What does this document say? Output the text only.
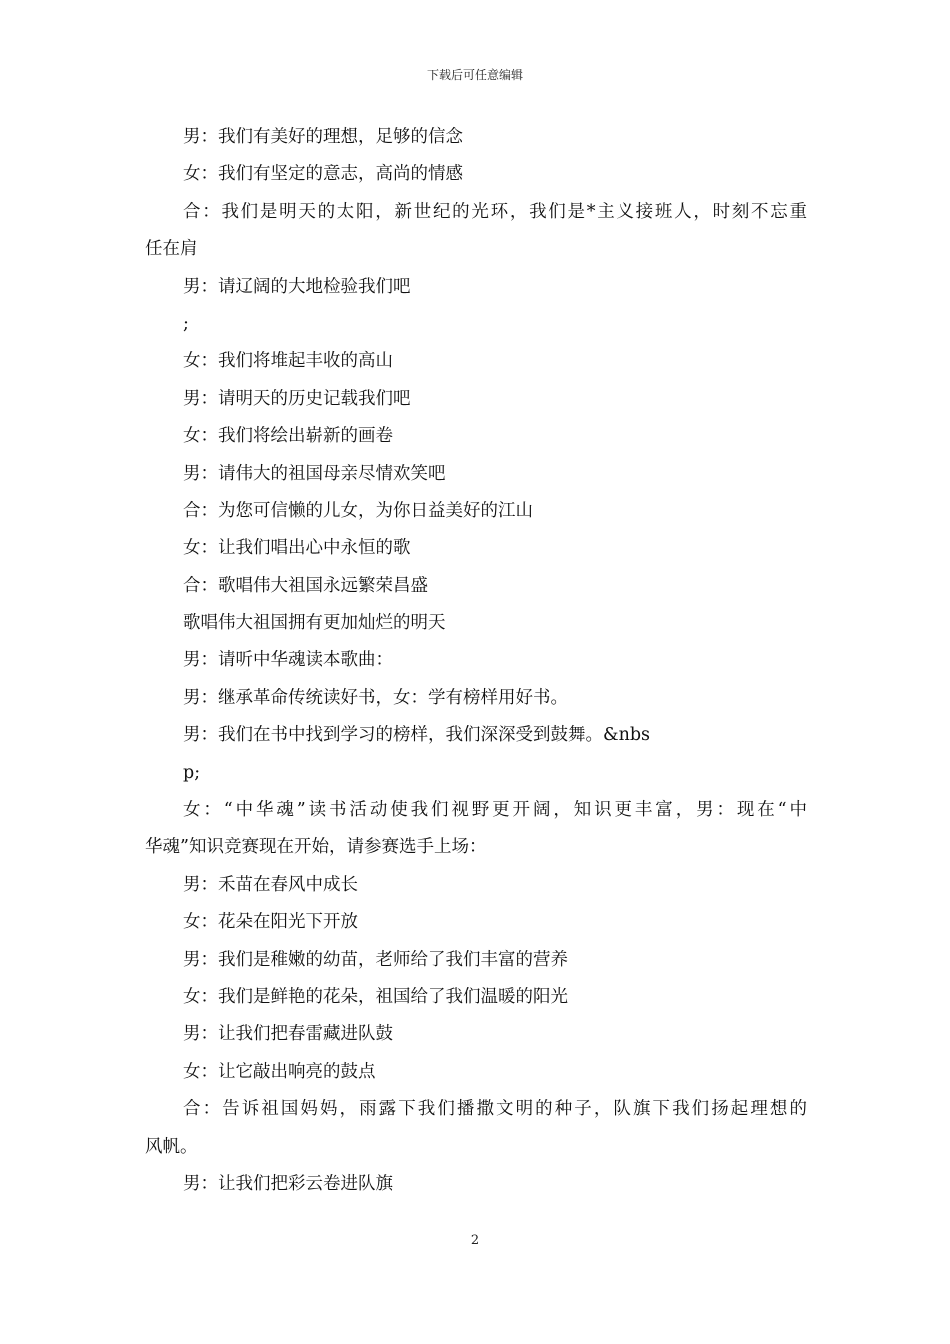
下载后可任意编辑
男：我们有美好的理想，足够的信念
女：我们有坚定的意志，高尚的情感
合：我们是明天的太阳，新世纪的光环，我们是*主义接班人，时刻不忘重
任在肩
男：请辽阔的大地检验我们吧
;
女：我们将堆起丰收的高山
男：请明天的历史记载我们吧
女：我们将绘出崭新的画卷
男：请伟大的祖国母亲尽情欢笑吧
合：为您可信懒的儿女，为你日益美好的江山
女：让我们唱出心中永恒的歌
合：歌唱伟大祖国永远繁荣昌盛
歌唱伟大祖国拥有更加灿烂的明天
男：请听中华魂读本歌曲：
男：继承革命传统读好书，女：学有榜样用好书。
男：我们在书中找到学习的榜样，我们深深受到鼓舞。&nbs
p;
女：“中华魂”读书活动使我们视野更开阔，知识更丰富，男：现在“中
华魂”知识竞赛现在开始，请参赛选手上场：
男：禾苗在春风中成长
女：花朵在阳光下开放
男：我们是稚嫩的幼苗，老师给了我们丰富的营养
女：我们是鲜艳的花朵，祖国给了我们温暖的阳光
男：让我们把春雷藏进队鼓
女：让它敲出响亮的鼓点
合：告诉祖国妈妈，雨露下我们播撒文明的种子，队旗下我们扬起理想的
风帆。
男：让我们把彩云卷进队旗
2
